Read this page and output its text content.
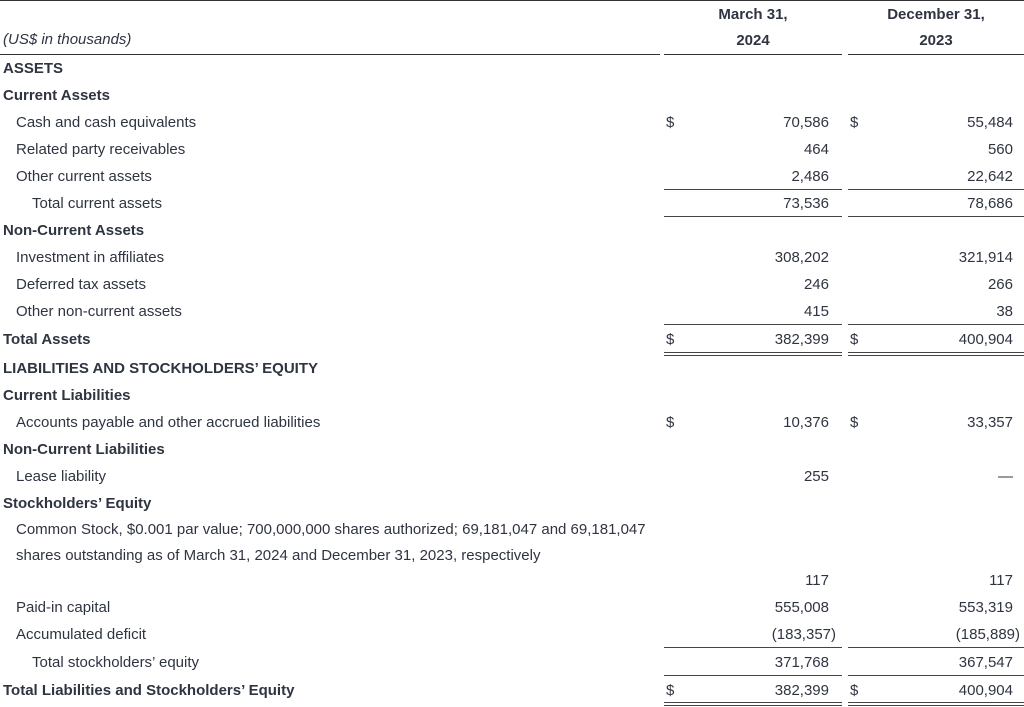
March 31,
2024
December 31,
2023
(US$ in thousands)
ASSETS
Current Assets
Cash and cash equivalents	$	70,586 $	55,484
Related party receivables	464	560
Other current assets	2,486	22,642
Total current assets	73,536	78,686
Non-Current Assets
Investment in affiliates	308,202	321,914
Deferred tax assets	246	266
Other non-current assets	415	38
Total Assets	$	382,399 $	400,904
LIABILITIES AND STOCKHOLDERS’ EQUITY
Current Liabilities
Accounts payable and other accrued liabilities	$	10,376 $	33,357
Non-Current Liabilities
Lease liability	255	—
Stockholders’ Equity
Common Stock, $0.001 par value; 700,000,000 shares authorized; 69,181,047 and 69,181,047 shares outstanding as of March 31, 2024 and December 31, 2023, respectively
117	117
Paid-in capital	555,008	553,319
Accumulated deficit	(183,357)	(185,889)
Total stockholders’ equity	371,768	367,547
Total Liabilities and Stockholders’ Equity	$	382,399 $	400,904
